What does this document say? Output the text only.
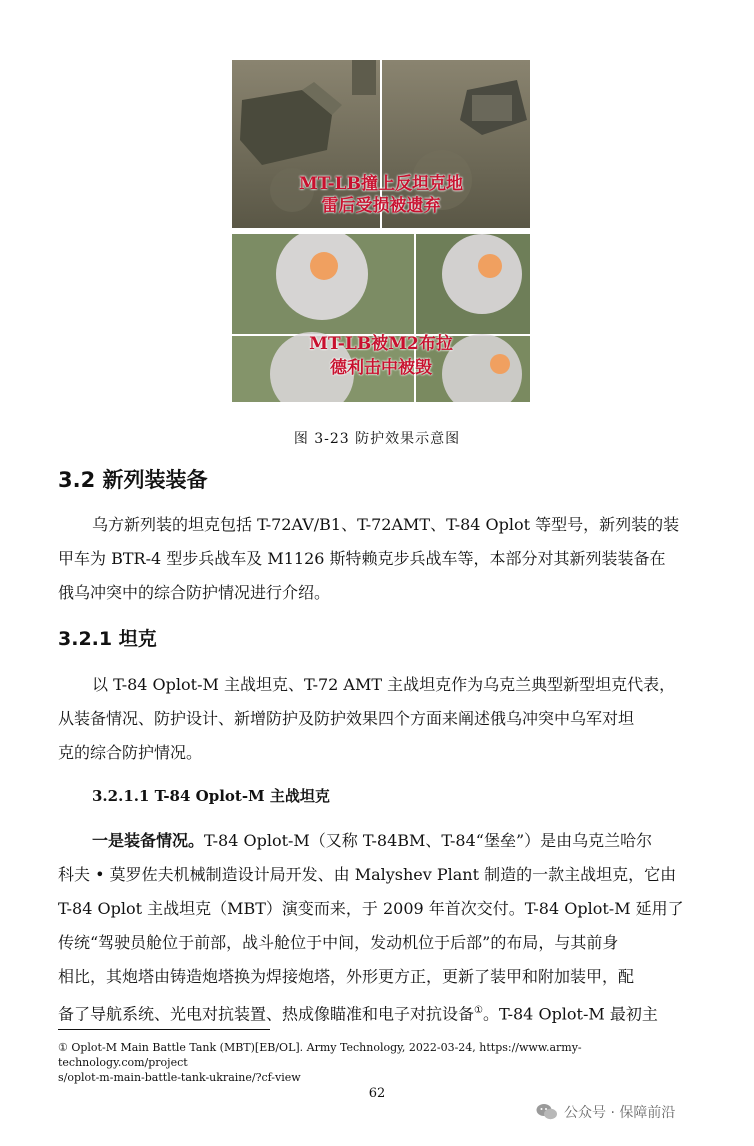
MT-LB撞上反坦克地
雷后受损被遗弃
MT-LB被M2布拉
德利击中被毁
图 3-23 防护效果示意图
3.2 新列装装备
乌方新列装的坦克包括 T-72AV/B1、T-72AMT、T-84 Oplot 等型号，新列装的装
甲车为 BTR-4 型步兵战车及 M1126 斯特赖克步兵战车等，本部分对其新列装装备在
俄乌冲突中的综合防护情况进行介绍。
3.2.1 坦克
以 T-84 Oplot-M 主战坦克、T-72 AMT 主战坦克作为乌克兰典型新型坦克代表，
从装备情况、防护设计、新增防护及防护效果四个方面来阐述俄乌冲突中乌军对坦
克的综合防护情况。
3.2.1.1 T-84 Oplot-M 主战坦克
一是装备情况。T-84 Oplot-M（又称 T-84BM、T-84“堡垒”）是由乌克兰哈尔
科夫 • 莫罗佐夫机械制造设计局开发、由 Malyshev Plant 制造的一款主战坦克，它由
T-84 Oplot 主战坦克（MBT）演变而来，于 2009 年首次交付。T-84 Oplot-M 延用了
传统“驾驶员舱位于前部，战斗舱位于中间，发动机位于后部”的布局，与其前身
相比，其炮塔由铸造炮塔换为焊接炮塔，外形更方正，更新了装甲和附加装甲，配
备了导航系统、光电对抗装置、热成像瞄准和电子对抗设备①。T-84 Oplot-M 最初主
① Oplot-M Main Battle Tank (MBT)[EB/OL]. Army Technology, 2022-03-24, https://www.army-technology.com/project
s/oplot-m-main-battle-tank-ukraine/?cf-view
62
公众号 · 保障前沿
